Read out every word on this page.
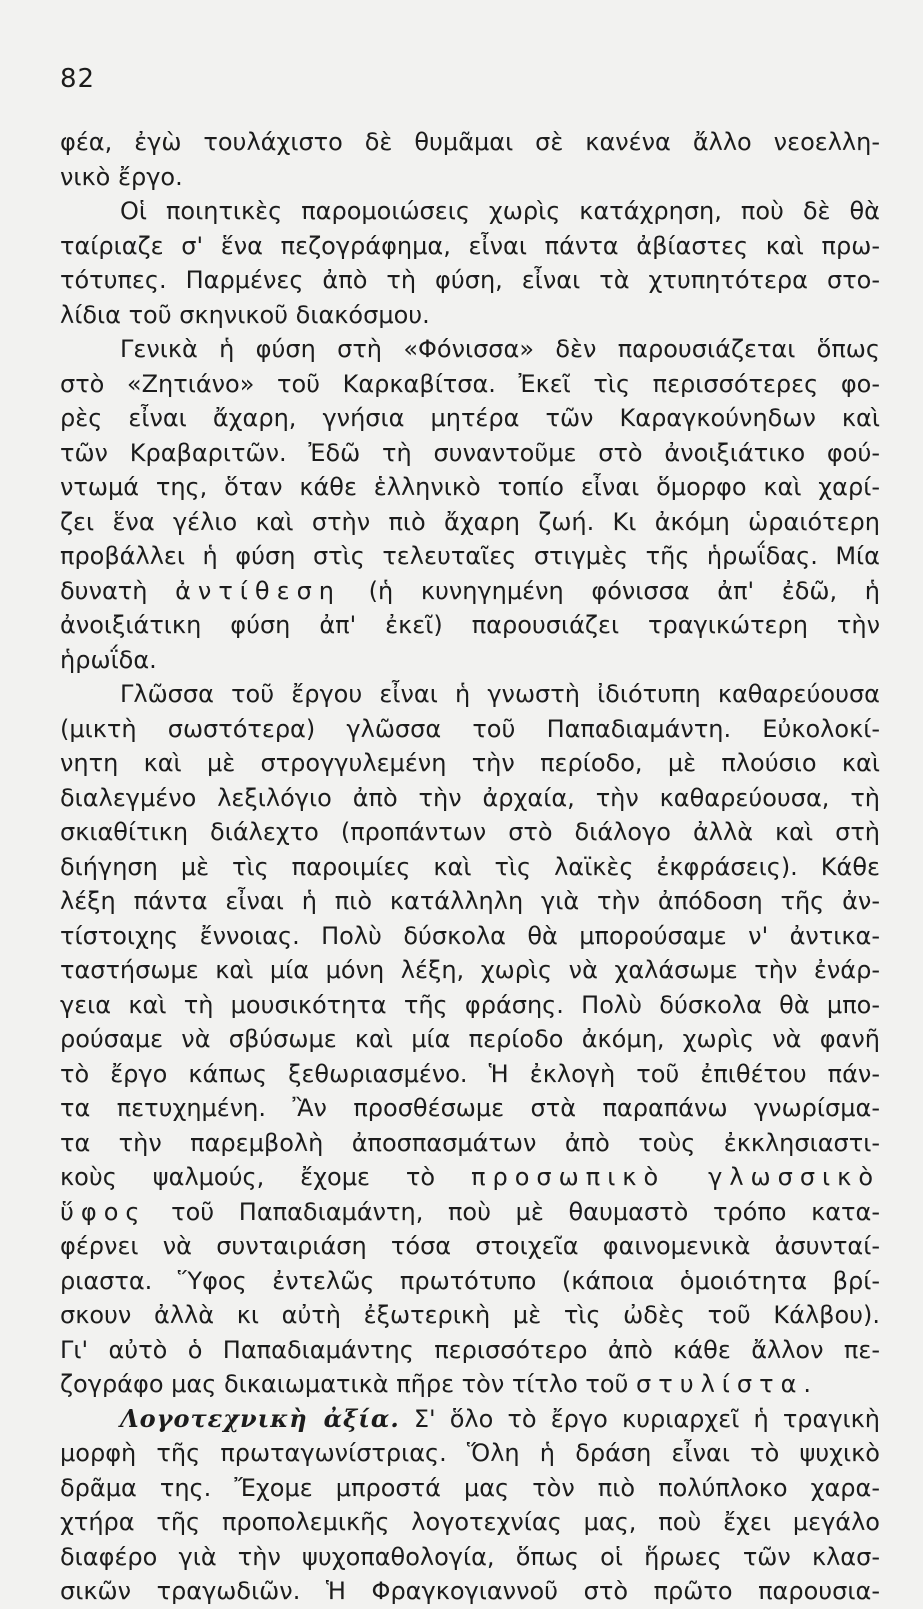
82
φέα, ἐγὼ τουλάχιστο δὲ θυμᾶμαι σὲ κανένα ἄλλο νεοελλη-
νικὸ ἔργο.
Οἱ ποιητικὲς παρομοιώσεις χωρὶς κατάχρηση, ποὺ δὲ θὰ
ταίριαζε σ' ἕνα πεζογράφημα, εἶναι πάντα ἀβίαστες καὶ πρω-
τότυπες. Παρμένες ἀπὸ τὴ φύση, εἶναι τὰ χτυπητότερα στο-
λίδια τοῦ σκηνικοῦ διακόσμου.
Γενικὰ ἡ φύση στὴ «Φόνισσα» δὲν παρουσιάζεται ὅπως
στὸ «Ζητιάνο» τοῦ Καρκαβίτσα. Ἐκεῖ τὶς περισσότερες φο-
ρὲς εἶναι ἄχαρη, γνήσια μητέρα τῶν Καραγκούνηδων καὶ
τῶν Κραβαριτῶν. Ἐδῶ τὴ συναντοῦμε στὸ ἀνοιξιάτικο φού-
ντωμά της, ὅταν κάθε ἑλληνικὸ τοπίο εἶναι ὅμορφο καὶ χαρί-
ζει ἕνα γέλιο καὶ στὴν πιὸ ἄχαρη ζωή. Κι ἀκόμη ὡραιότερη
προβάλλει ἡ φύση στὶς τελευταῖες στιγμὲς τῆς ἡρωΐδας. Μία
δυνατὴ ἀντίθεση (ἡ κυνηγημένη φόνισσα ἀπ' ἐδῶ, ἡ
ἀνοιξιάτικη φύση ἀπ' ἐκεῖ) παρουσιάζει τραγικώτερη τὴν
ἡρωΐδα.
Γλῶσσα τοῦ ἔργου εἶναι ἡ γνωστὴ ἰδιότυπη καθαρεύουσα
(μικτὴ σωστότερα) γλῶσσα τοῦ Παπαδιαμάντη. Εὐκολοκί-
νητη καὶ μὲ στρογγυλεμένη τὴν περίοδο, μὲ πλούσιο καὶ
διαλεγμένο λεξιλόγιο ἀπὸ τὴν ἀρχαία, τὴν καθαρεύουσα, τὴ
σκιαθίτικη διάλεχτο (προπάντων στὸ διάλογο ἀλλὰ καὶ στὴ
διήγηση μὲ τὶς παροιμίες καὶ τὶς λαϊκὲς ἐκφράσεις). Κάθε
λέξη πάντα εἶναι ἡ πιὸ κατάλληλη γιὰ τὴν ἀπόδοση τῆς ἀν-
τίστοιχης ἔννοιας. Πολὺ δύσκολα θὰ μπορούσαμε ν' ἀντικα-
ταστήσωμε καὶ μία μόνη λέξη, χωρὶς νὰ χαλάσωμε τὴν ἐνάρ-
γεια καὶ τὴ μουσικότητα τῆς φράσης. Πολὺ δύσκολα θὰ μπο-
ρούσαμε νὰ σβύσωμε καὶ μία περίοδο ἀκόμη, χωρὶς νὰ φανῆ
τὸ ἔργο κάπως ξεθωριασμένο. Ἡ ἐκλογὴ τοῦ ἐπιθέτου πάν-
τα πετυχημένη. Ἂν προσθέσωμε στὰ παραπάνω γνωρίσμα-
τα τὴν παρεμβολὴ ἀποσπασμάτων ἀπὸ τοὺς ἐκκλησιαστι-
κοὺς ψαλμούς, ἔχομε τὸ προσωπικὸ γλωσσικὸ
ὕφος τοῦ Παπαδιαμάντη, ποὺ μὲ θαυμαστὸ τρόπο κατα-
φέρνει νὰ συνταιριάση τόσα στοιχεῖα φαινομενικὰ ἀσυνταί-
ριαστα. Ὕφος ἐντελῶς πρωτότυπο (κάποια ὁμοιότητα βρί-
σκουν ἀλλὰ κι αὐτὴ ἐξωτερικὴ μὲ τὶς ὠδὲς τοῦ Κάλβου).
Γι' αὐτὸ ὁ Παπαδιαμάντης περισσότερο ἀπὸ κάθε ἄλλον πε-
ζογράφο μας δικαιωματικὰ πῆρε τὸν τίτλο τοῦ στυλίστα.
Λογοτεχνικὴ ἀξία. Σ' ὅλο τὸ ἔργο κυριαρχεῖ ἡ τραγικὴ
μορφὴ τῆς πρωταγωνίστριας. Ὅλη ἡ δράση εἶναι τὸ ψυχικὸ
δρᾶμα της. Ἔχομε μπροστά μας τὸν πιὸ πολύπλοκο χαρα-
χτήρα τῆς προπολεμικῆς λογοτεχνίας μας, ποὺ ἔχει μεγάλο
διαφέρο γιὰ τὴν ψυχοπαθολογία, ὅπως οἱ ἥρωες τῶν κλασ-
σικῶν τραγωδιῶν. Ἡ Φραγκογιαννοῦ στὸ πρῶτο παρουσια-
